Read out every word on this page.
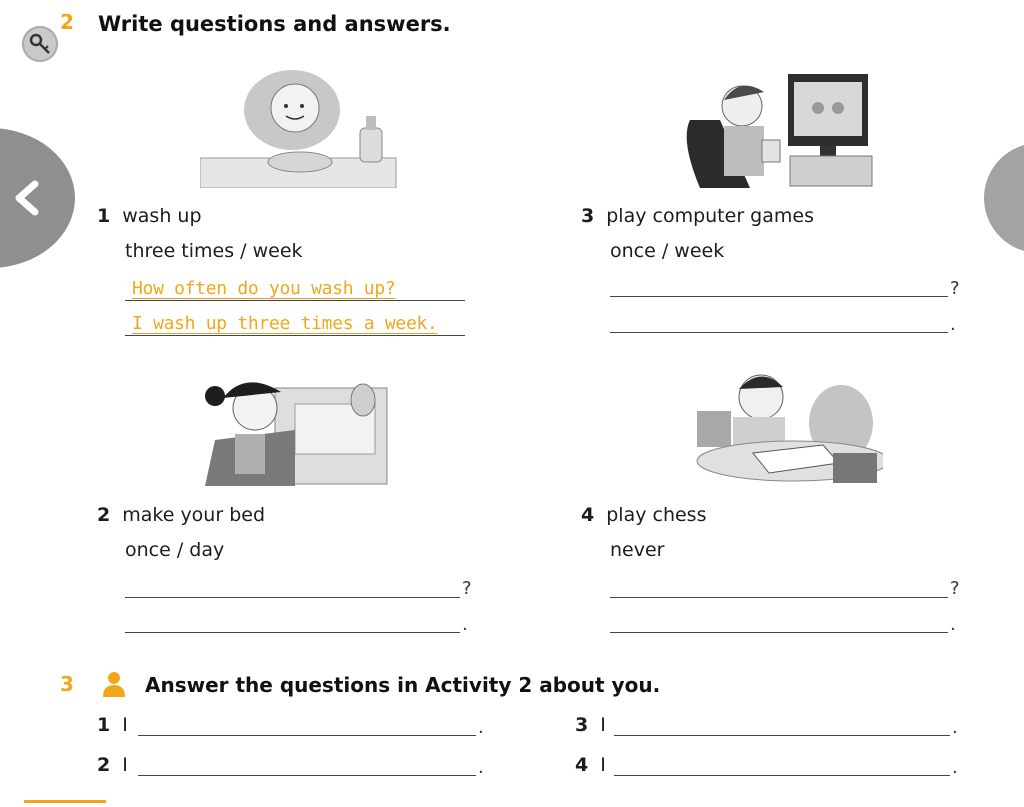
2 Write questions and answers.
1 wash up
three times / week
How often do you wash up?
I wash up three times a week.
3 play computer games
once / week
?
.
2 make your bed
once / day
?
.
4 play chess
never
?
.
3	Answer the questions in Activity 2 about you.
1 I	.	3 I	.
2 I	.	4 I	.
